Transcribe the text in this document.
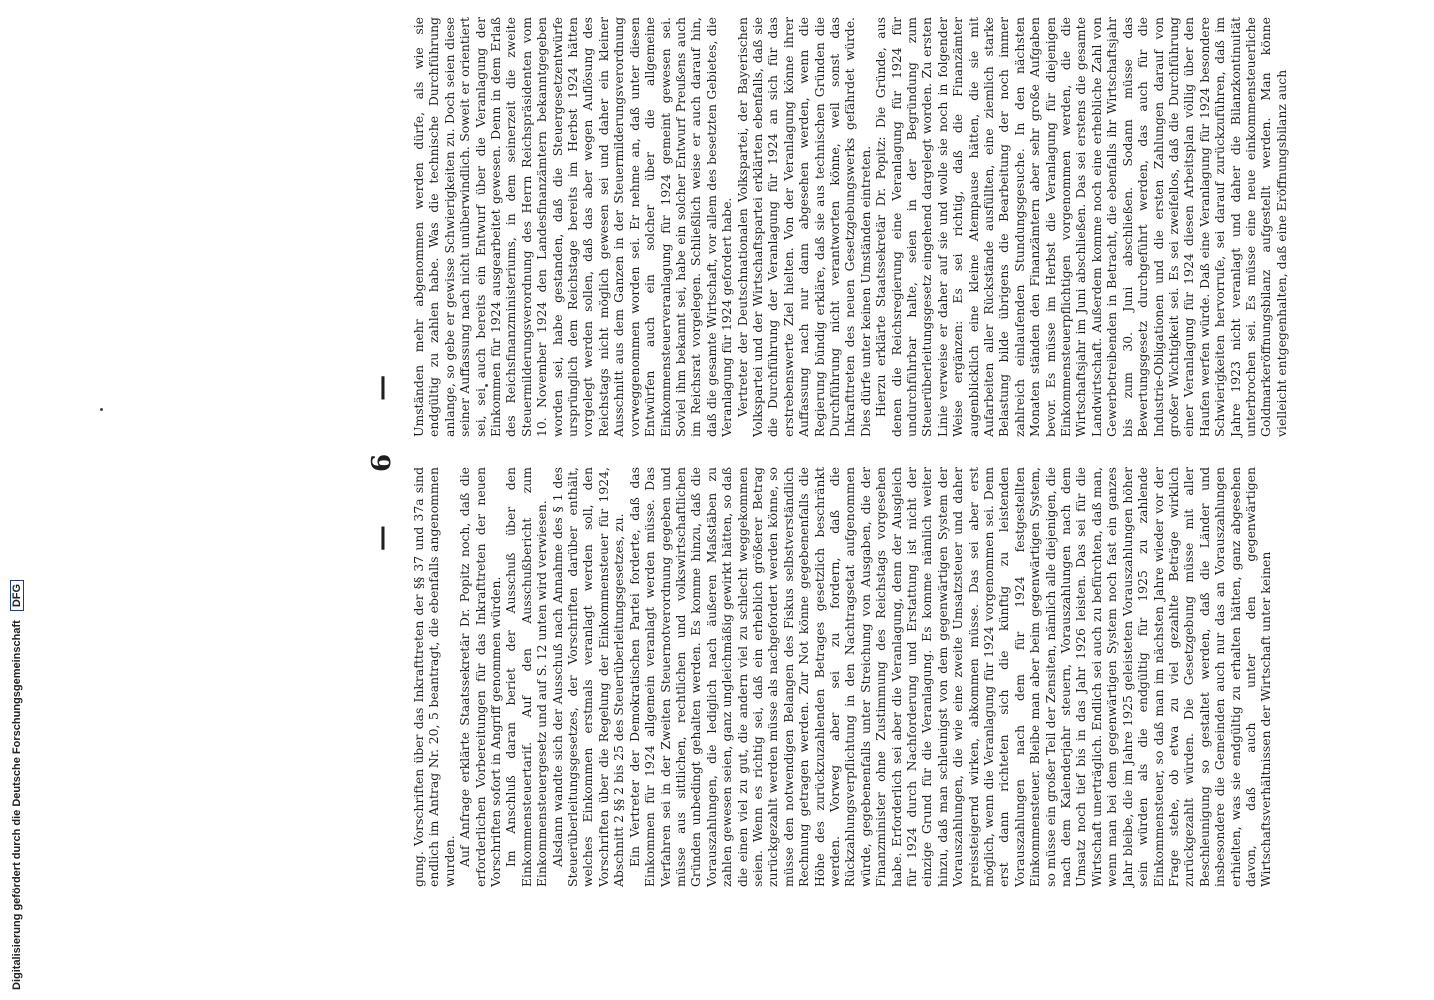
Digitalisierung gefördert durch die Deutsche Forschungsgemeinschaft DFG
— 6 —

gung. Vorschriften über das Inkrafttreten der §§ 37 und 37a sind endlich im Antrag Nr. 20, 5 beantragt, die ebenfalls angenommen wurden. Auf Anfrage erklärte Staatssekretär Dr. Popitz noch, daß die erforderlichen Vorbereitungen für das Inkrafttreten der neuen Vorschriften sofort in Angriff genommen würden. Im Anschluß daran beriet der Ausschuß über den Einkommensteuertarif. Auf den Ausschußbericht zum Einkommensteuergesetz und auf S. 12 unten wird verwiesen. Alsdann wandte sich der Ausschuß nach Annahme des § 1 des Steuerüberleitungsgesetzes, der Vorschriften darüber enthält, welches Einkommen erstmals veranlagt werden soll, den Vorschriften über die Regelung der Einkommensteuer für 1924, Abschnitt 2 §§ 2 bis 25 des Steuerüberleitungsgesetzes, zu. Ein Vertreter der Demokratischen Partei forderte, daß das Einkommen für 1924 allgemein veranlagt werden müsse. Das Verfahren sei in der Zweiten Steuernotverordnung gegeben und müsse aus sittlichen, rechtlichen und volkswirtschaftlichen Gründen unbedingt gehalten werden. Es komme hinzu, daß die Vorauszahlungen, die lediglich nach äußeren Maßstäben zu zahlen gewesen seien, ganz ungleichmäßig gewirkt hätten, so daß die einen viel zu gut, die andern viel zu schlecht weggekommen seien. Wenn es richtig sei, daß ein erheblich größerer Betrag zurückgezahlt werden müsse als nachgefordert werden könne, so müsse den notwendigen Belangen des Fiskus selbstverständlich Rechnung getragen werden. Zur Not könne gegebenenfalls die Höhe des zurückzuzahlenden Betrages gesetzlich beschränkt werden. Vorweg aber sei zu fordern, daß die Rückzahlungsverpflichtung in den Nachtragsetat aufgenommen würde, gegebenenfalls unter Streichung von Ausgaben, die der Finanzminister ohne Zustimmung des Reichstags vorgesehen habe. Erforderlich sei aber die Veranlagung, denn der Ausgleich für 1924 durch Nachforderung und Erstattung ist nicht der einzige Grund für die Veranlagung. Es komme nämlich weiter hinzu, daß man schleunigst von dem gegenwärtigen System der Vorauszahlungen, die wie eine zweite Umsatzsteuer und daher preissteigernd wirken, abkommen müsse. Das sei aber erst möglich, wenn die Veranlagung für 1924 vorgenommen sei. Denn erst dann richteten sich die künftig zu leistenden Vorauszahlungen nach dem für 1924 festgestellten Einkommensteuer. Bleibe man aber beim gegenwärtigen System, so müsse ein großer Teil der Zensiten, nämlich alle diejenigen, die nach dem Kalenderjahr steuern, Vorauszahlungen nach dem Umsatz noch tief bis in das Jahr 1926 leisten. Das sei für die Wirtschaft unerträglich. Endlich sei auch zu befürchten, daß man, wenn man bei dem gegenwärtigen System noch fast ein ganzes Jahr bleibe, die im Jahre 1925 geleisteten Vorauszahlungen höher sein würden als die endgültig für 1925 zu zahlende Einkommensteuer, so daß man im nächsten Jahre wieder vor der Frage stehe, ob etwa zu viel gezahlte Beträge wirklich zurückgezahlt würden. Die Gesetzgebung müsse mit aller Beschleunigung so gestaltet werden, daß die Länder und insbesondere die Gemeinden auch nur das an Vorauszahlungen erhielten, was sie endgültig zu erhalten hätten, ganz abgesehen davon, daß auch unter den gegenwärtigen Wirtschaftsverhältnissen der Wirtschaft unter keinen

Umständen mehr abgenommen werden dürfe, als wie sie endgültig zu zahlen habe. Was die technische Durchführung anlange, so gebe er gewisse Schwierigkeiten zu. Doch seien diese seiner Auffassung nach nicht unüberwindlich. Soweit er orientiert sei, sei auch bereits ein Entwurf über die Veranlagung der Einkommen für 1924 ausgearbeitet gewesen. Denn in dem Erlaß des Reichsfinanzministeriums, in dem seinerzeit die zweite Steuermilderungsverordnung des Herrn Reichspräsidenten vom 10. November 1924 den Landesfinanzämtern bekanntgegeben worden sei, habe gestanden, daß die Steuergesetzentwürfe ursprünglich dem Reichstage bereits im Herbst 1924 hätten vorgelegt werden sollen, daß das aber wegen Auflösung des Reichstags nicht möglich gewesen sei und daher ein kleiner Ausschnitt aus dem Ganzen in der Steuermilderungsverordnung vorweggenommen worden sei. Er nehme an, daß unter diesen Entwürfen auch ein solcher über die allgemeine Einkommensteuerveranlagung für 1924 gemeint gewesen sei. Soviel ihm bekannt sei, habe ein solcher Entwurf Preußens auch im Reichsrat vorgelegen. Schließlich weise er auch darauf hin, daß die gesamte Wirtschaft, vor allem des besetzten Gebietes, die Veranlagung für 1924 gefordert habe. Vertreter der Deutschnationalen Volkspartei, der Bayerischen Volkspartei und der Wirtschaftspartei erklärten ebenfalls, daß sie die Durchführung der Veranlagung für 1924 an sich für das erstrebenswerte Ziel hielten. Von der Veranlagung könne ihrer Auffassung nach nur dann abgesehen werden, wenn die Regierung bündig erkläre, daß sie aus technischen Gründen die Durchführung nicht verantworten könne, weil sonst das Inkrafttreten des neuen Gesetzgebungswerks gefährdet würde. Dies dürfe unter keinen Umständen eintreten. Hierzu erklärte Staatssekretär Dr. Popitz: Die Gründe, aus denen die Reichsregierung eine Veranlagung für 1924 für undurchführbar halte, seien in der Begründung zum Steuerüberleitungsgesetz eingehend dargelegt worden. Zu ersten Linie verweise er daher auf sie und wolle sie noch in folgender Weise ergänzen: Es sei richtig, daß die Finanzämter augenblicklich eine kleine Atempause hätten, die sie mit Aufarbeiten aller Rückstände ausfüllten, eine ziemlich starke Belastung bilde übrigens die Bearbeitung der noch immer zahlreich einlaufenden Stundungsgesuche. In den nächsten Monaten ständen den Finanzämtern aber sehr große Aufgaben bevor. Es müsse im Herbst die Veranlagung für diejenigen Einkommensteuerpflichtigen vorgenommen werden, die die Wirtschaftsjahr im Juni abschließen. Das sei erstens die gesamte Landwirtschaft. Außerdem komme noch eine erhebliche Zahl von Gewerbetreibenden in Betracht, die ebenfalls ihr Wirtschaftsjahr bis zum 30. Juni abschließen. Sodann müsse das Bewertungsgesetz durchgeführt werden, das auch für die Industrie-Obligationen und die ersten Zahlungen darauf von großer Wichtigkeit sei. Es sei zweifellos, daß die Durchführung einer Veranlagung für 1924 diesen Arbeitsplan völlig über den Haufen werfen würde. Daß eine Veranlagung für 1924 besondere Schwierigkeiten hervorrufe, sei darauf zurückzuführen, daß im Jahre 1923 nicht veranlagt und daher die Bilanzkontinuität unterbrochen sei. Es müsse eine neue einkommensteuerliche Goldmarkeröffnungsbilanz aufgestellt werden. Man könne vielleicht entgegenhalten, daß eine Eröffnungsbilanz auch
